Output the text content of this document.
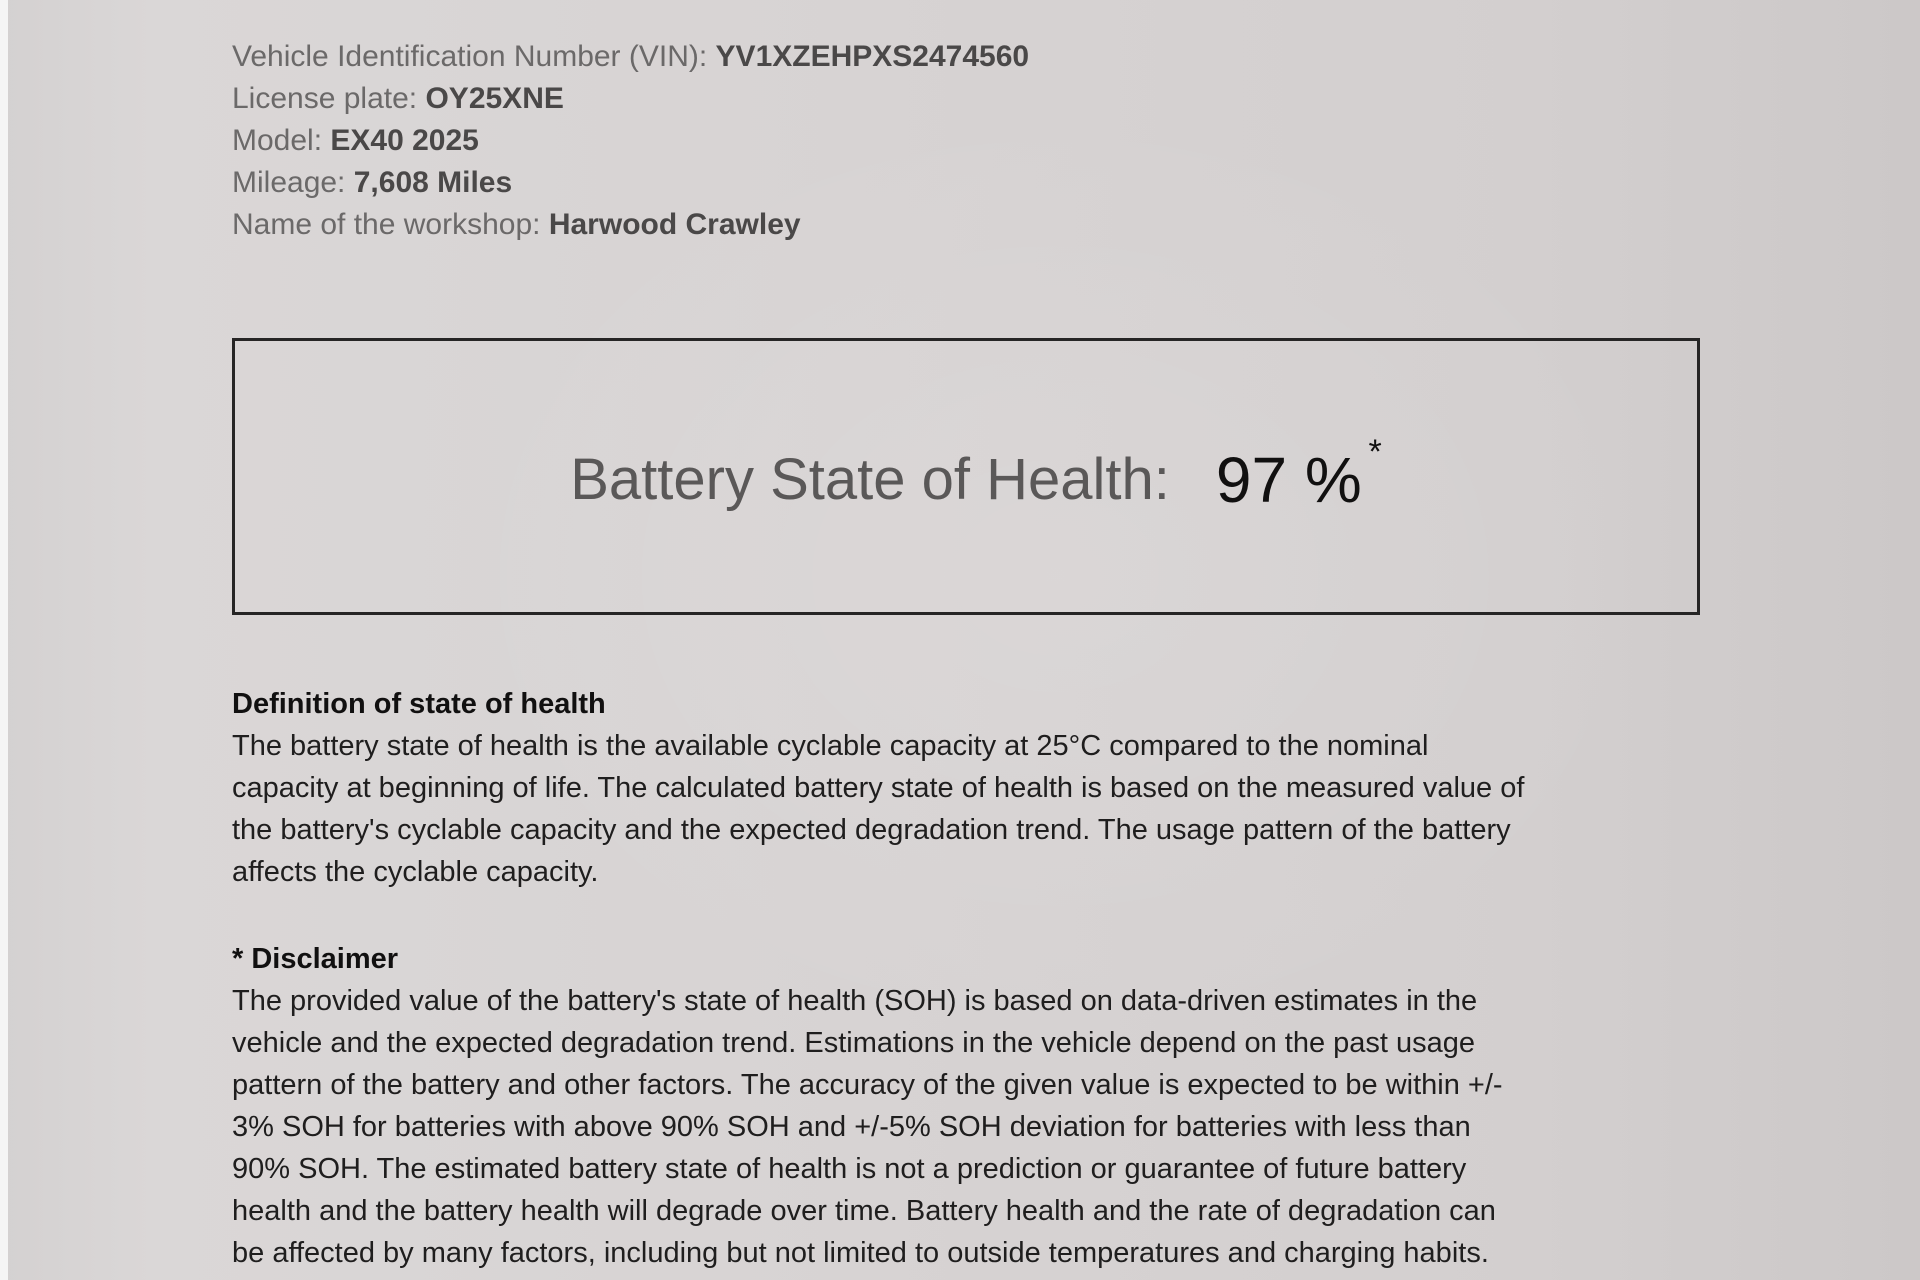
Vehicle Identification Number (VIN): YV1XZEHPXS2474560
License plate: OY25XNE
Model: EX40 2025
Mileage: 7,608 Miles
Name of the workshop: Harwood Crawley
Battery State of Health: 97 % *
Definition of state of health
The battery state of health is the available cyclable capacity at 25°C compared to the nominal
capacity at beginning of life. The calculated battery state of health is based on the measured value of
the battery's cyclable capacity and the expected degradation trend. The usage pattern of the battery
affects the cyclable capacity.
* Disclaimer
The provided value of the battery's state of health (SOH) is based on data-driven estimates in the
vehicle and the expected degradation trend. Estimations in the vehicle depend on the past usage
pattern of the battery and other factors. The accuracy of the given value is expected to be within +/-
3% SOH for batteries with above 90% SOH and +/-5% SOH deviation for batteries with less than
90% SOH. The estimated battery state of health is not a prediction or guarantee of future battery
health and the battery health will degrade over time. Battery health and the rate of degradation can
be affected by many factors, including but not limited to outside temperatures and charging habits.
